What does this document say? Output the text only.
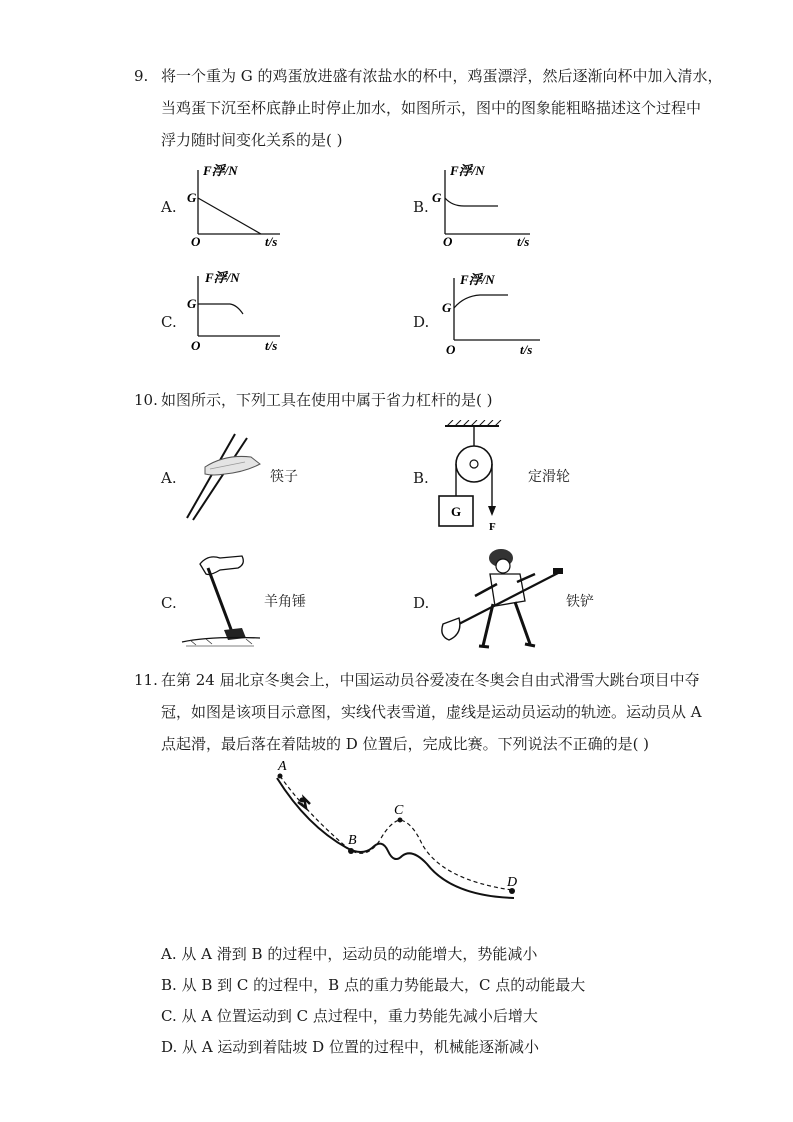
9. 将一个重为 G 的鸡蛋放进盛有浓盐水的杯中，鸡蛋漂浮，然后逐渐向杯中加入清水，
当鸡蛋下沉至杯底静止时停止加水，如图所示，图中的图象能粗略描述这个过程中
浮力随时间变化关系的是( )
A.
F浮/N
G
O	t/s
B.
F浮/N
G
O	t/s
C.
F浮/N
G
O	t/s
D.
F浮/N
G
O	t/s
10. 如图所示，下列工具在使用中属于省力杠杆的是( )
A.	筷子	B.
G
F
定滑轮
C.	羊角锤	D.	铁铲
11. 在第 24 届北京冬奥会上，中国运动员谷爱凌在冬奥会自由式滑雪大跳台项目中夺
冠，如图是该项目示意图，实线代表雪道，虚线是运动员运动的轨迹。运动员从 A
点起滑，最后落在着陆坡的 D 位置后，完成比赛。下列说法不正确的是( )
A
B
C
D
A. 从 A 滑到 B 的过程中，运动员的动能增大，势能减小
B. 从 B 到 C 的过程中，B 点的重力势能最大，C 点的动能最大
C. 从 A 位置运动到 C 点过程中，重力势能先减小后增大
D. 从 A 运动到着陆坡 D 位置的过程中，机械能逐渐减小
